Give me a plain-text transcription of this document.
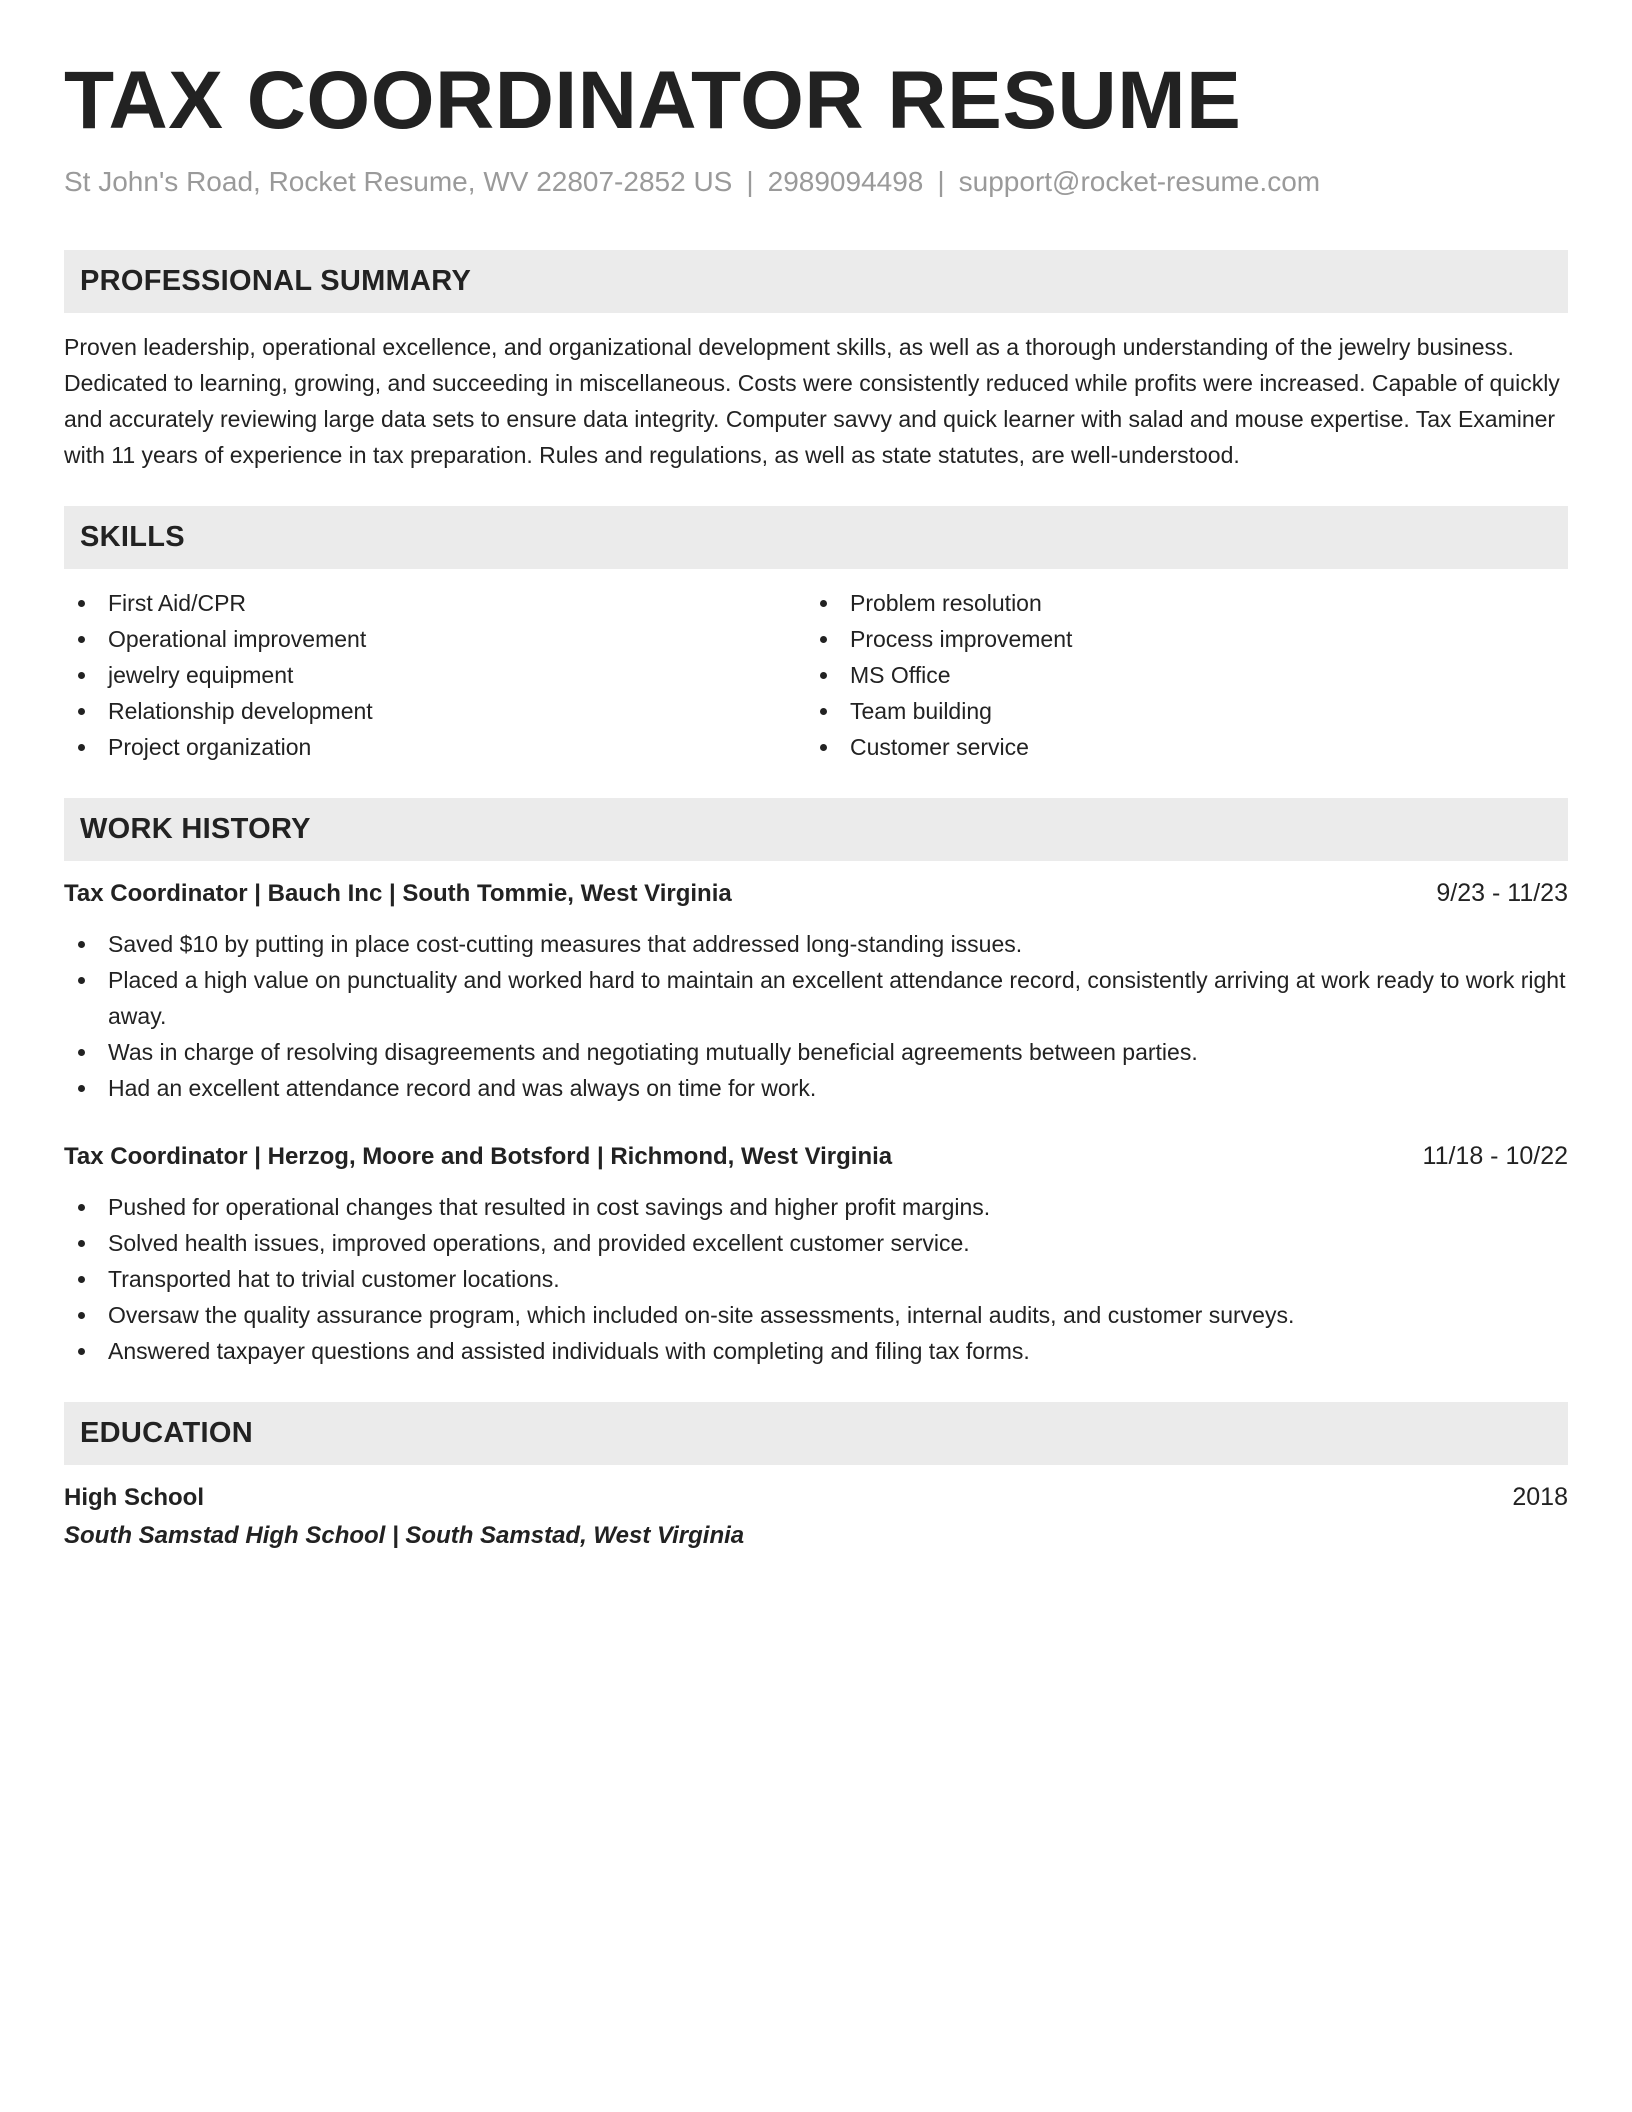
TAX COORDINATOR RESUME
St John's Road, Rocket Resume, WV 22807-2852 US | 2989094498 | support@rocket-resume.com
PROFESSIONAL SUMMARY

Proven leadership, operational excellence, and organizational development skills, as well as a thorough understanding of the jewelry business. Dedicated to learning, growing, and succeeding in miscellaneous. Costs were consistently reduced while profits were increased. Capable of quickly and accurately reviewing large data sets to ensure data integrity. Computer savvy and quick learner with salad and mouse expertise. Tax Examiner with 11 years of experience in tax preparation. Rules and regulations, as well as state statutes, are well-understood.

SKILLS
First Aid/CPR
Operational improvement
jewelry equipment
Relationship development
Project organization
Problem resolution
Process improvement
MS Office
Team building
Customer service
WORK HISTORY
Tax Coordinator | Bauch Inc | South Tommie, West Virginia	9/23 - 11/23
Saved $10 by putting in place cost-cutting measures that addressed long-standing issues.
Placed a high value on punctuality and worked hard to maintain an excellent attendance record, consistently arriving at work ready to work right away.
Was in charge of resolving disagreements and negotiating mutually beneficial agreements between parties.
Had an excellent attendance record and was always on time for work.
Tax Coordinator | Herzog, Moore and Botsford | Richmond, West Virginia	11/18 - 10/22
Pushed for operational changes that resulted in cost savings and higher profit margins.
Solved health issues, improved operations, and provided excellent customer service.
Transported hat to trivial customer locations.
Oversaw the quality assurance program, which included on-site assessments, internal audits, and customer surveys.
Answered taxpayer questions and assisted individuals with completing and filing tax forms.
EDUCATION
High School	2018
South Samstad High School | South Samstad, West Virginia
